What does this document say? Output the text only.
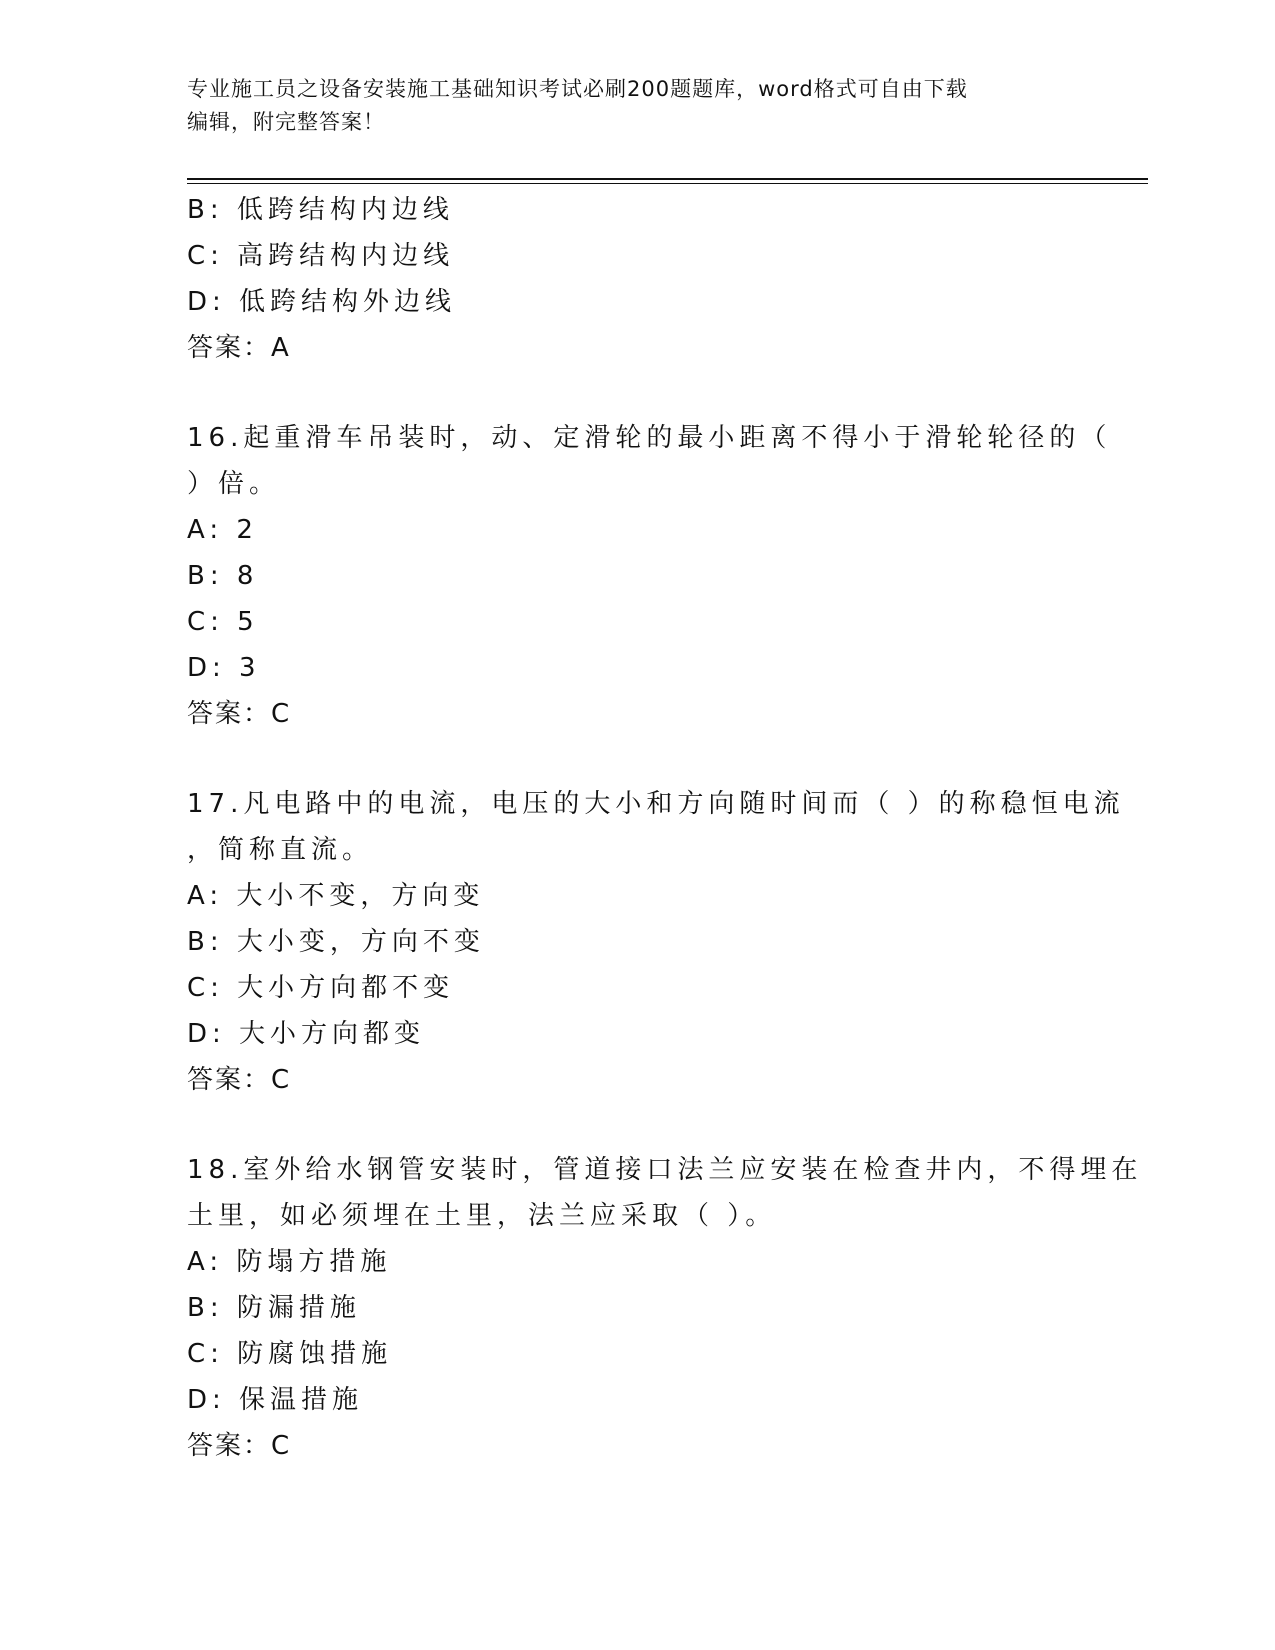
专业施工员之设备安装施工基础知识考试必刷200题题库，word格式可自由下载
编辑，附完整答案！
B: 低跨结构内边线
C: 高跨结构内边线
D: 低跨结构外边线
答案：A
16.起重滑车吊装时，动、定滑轮的最小距离不得小于滑轮轮径的（
）倍。
A: 2
B: 8
C: 5
D: 3
答案：C
17.凡电路中的电流，电压的大小和方向随时间而（ ）的称稳恒电流
，简称直流。
A: 大小不变，方向变
B: 大小变，方向不变
C: 大小方向都不变
D: 大小方向都变
答案：C
18.室外给水钢管安装时，管道接口法兰应安装在检查井内，不得埋在
土里，如必须埋在土里，法兰应采取（ ）。
A: 防塌方措施
B: 防漏措施
C: 防腐蚀措施
D: 保温措施
答案：C
